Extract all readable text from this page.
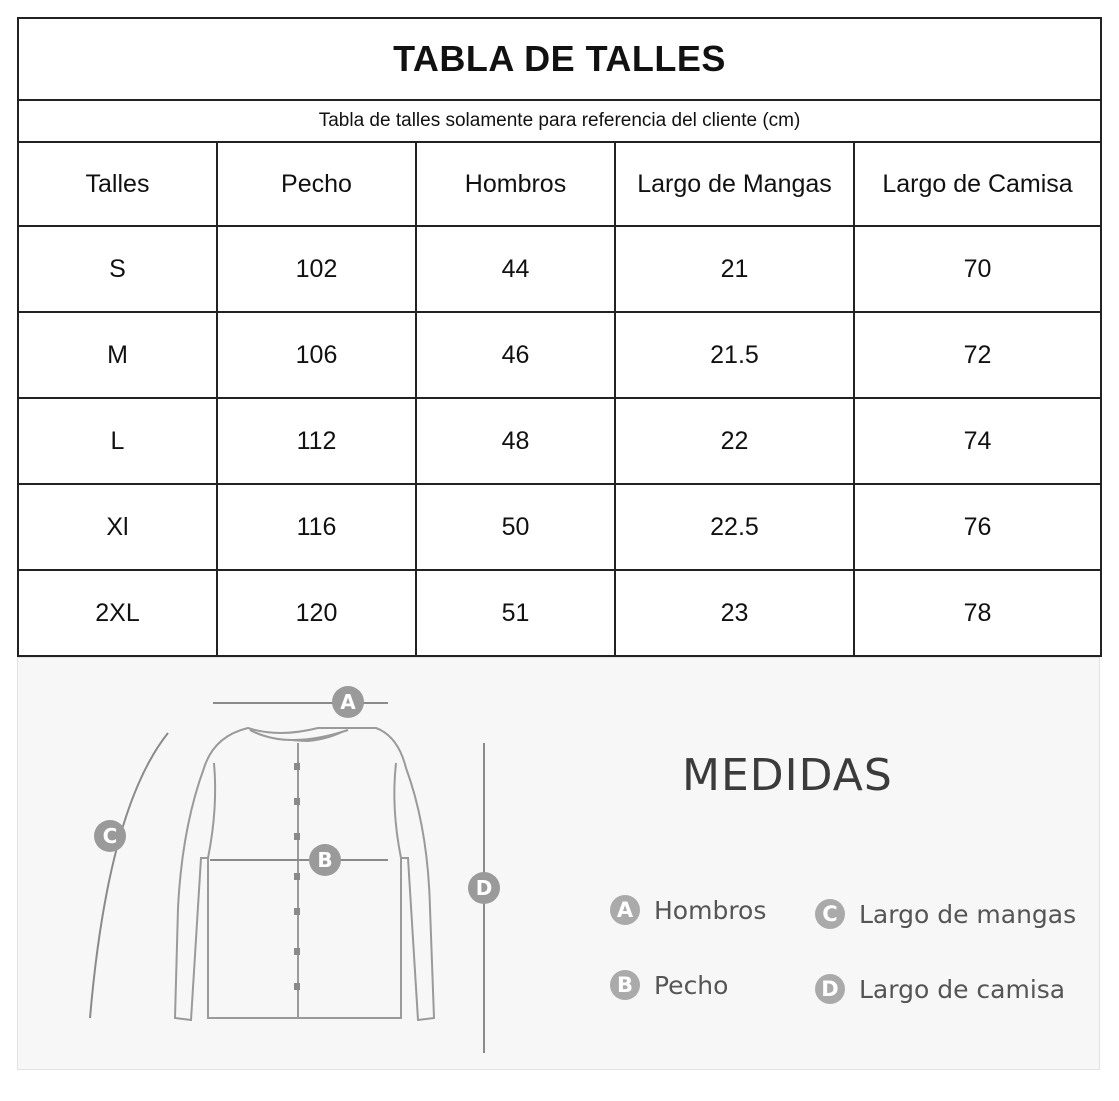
TABLA DE TALLES				
Tabla de talles solamente para referencia del cliente (cm)				
Talles	Pecho	Hombros	Largo de Mangas	Largo de Camisa
S	102	44	21	70
M	106	46	21.5	72
L	112	48	22	74
Xl	116	50	22.5	76
2XL	120	51	23	78
A
B
C
D
MEDIDAS
A Hombros	C Largo de mangas
B Pecho	D Largo de camisa
